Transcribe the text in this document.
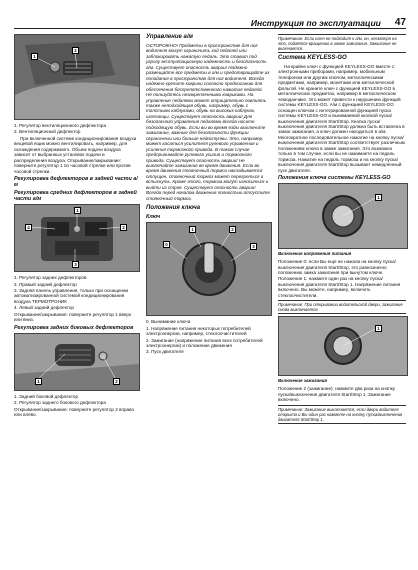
Инструкция по эксплуатации 47
1
2

1. Регулятор вентиляционного дефлектора

2. Вентиляционный дефлектор

При включенной системе кондиционирования воздуха вещевой ящик можно вентилировать, например, для охлаждения содержимого. Объем подачи воздуха зависит от выбранных установок подачи и распределения воздуха. Открывание/закрывание: поверните регулятор 1 по часовой стрелке или против часовой стрелки.

Регулировка дефлекторов в задней части а/м
Регулировка средних дефлекторов в задней части а/м
1
2
3
4

1. Регулятор задних дефлекторов

2. Правый задний дефлектор

3. Задняя панель управления, только при оснащении автоматизированной системой кондиционирования воздуха ТЕРМОТРОНИК

4. Левый задний дефлектор

Открывание/закрывание: поверните регулятор 1 вверх или вниз.

Регулировка задних боковых дефлекторов
1	2

1. Задний боковой дефлектор

2. Регулятор заднего бокового дефлектора

Открывание/закрывание: поверните регулятор 2 вправо или влево.

Управление а/м

ОСТОРОЖНО! Предметы в пространстве для ног водителя могут ограничить ход педалей или заблокировать нажатую педаль. Это ставит под угрозу эксплуатационную надежность и безопасность а/м. Существует опасность аварии! Надежно размещайте все предметы в а/м и предотвращайте их попадание в пространство для ног водителя. Всегда надежно крепите коврики согласно предписанию для обеспечения беспрепятственного нажатия педалей. Не пользуйтесь незакрепленными ковриками. На управление педалями может отрицательно повлиять также неподходящая обувь, например, обувь с толстыми каблуками, обувь на высоких каблуках, шлепанцы. Существует опасность аварии! Для безопасного управления педалями всегда носите подходящую обувь. Если вы во время езды выключите зажигание, важные для безопасности функции ограничены или больше недоступны. Это, например, может касаться усилителя рулевого управления и усиления тормозного привода. В таком случае предпринимайте рулевого усилия и тормозного привода. Существует опасность аварии! Не выключайте зажигание во время движения. Если во время движения стояночный тормоз накладывается отпущен, стояночный тормоз может перегреться и вспыхнуть. Кроме этого, тормоза могут износиться и выйти из строя. Существует опасность аварии! Всегда перед началом движения полностью отпустите стояночный тормоз.

Положения ключа
Ключ
0
1	2
3

0. Вынимание ключа

1. Напряжение питания некоторых потребителей электроэнергии, например, стеклоочистителей

2. Зажигание (напряжение питания всех потребителей электроэнергии) и положение движения

3. Пуск двигателя

Примечание: Если ключ не подходит к а/м, он, несмотря на это, подаётся вращению в замке зажигания. Зажигание не включается.
Система KEYLESS-GO

На крайне ключ с функцией KEYLESS-GO вместе с: электронными приборами, например, мобильным телефоном или другим ключом, металлическими предметами, например, монетами или металлической фольгой. Не храните ключ с функцией KEYLESS-GO в металлических предметах, например в металлическом чемоданчике. Это может привести к нарушению функций системы KEYLESS-GO. А/м с функцией KEYLESS-GO оснащен ключом с интегрированной функцией пуска системы KEYLESS-GO и вынимаемой кнопкой пуска/выключения двигателя Start/Stop. Кнопка пуска/выключения двигателя Start/Stop должна быть вставлена в замок зажигания, а ключ должен находиться в а/м. Многократное последовательное нажатие на кнопку пуска/выключения двигателя Start/Stop соответствует различным положениям ключа в замке зажигания. Это возможно только в том случае, если вы не нажимаете на педаль тормоза. Нажатие на педаль тормоза и на кнопку пуска/выключения двигателя Start/Stop вызывает немедленный пуск двигателя.

Положения ключа системы KEYLESS-GO
1
Включение напряжения питания

Положение 0: если Вы еще не нажали на кнопку пуска/выключения двигателя Start/Stop, это равнозначно положению замка зажигания при вынутом ключе.

Положение 1: нажмите один раз на кнопку пуска/выключения двигателя Start/Stop 1. Напряжение питания включено. Вы можете, например, включить стеклоочистители.

Примечание: При открывании водительской двери, зажигание снова выключается.
1
Включение зажигания

Положение 2 (зажигание): нажмите два раза на кнопку пуска/выключения двигателя Start/Stop 1. Зажигание включено.

Примечание: Зажигание выключается, если двери водителя открыта и Вы один раз нажмете на кнопку пуска/выключения двигателя Start/Stop 1.
